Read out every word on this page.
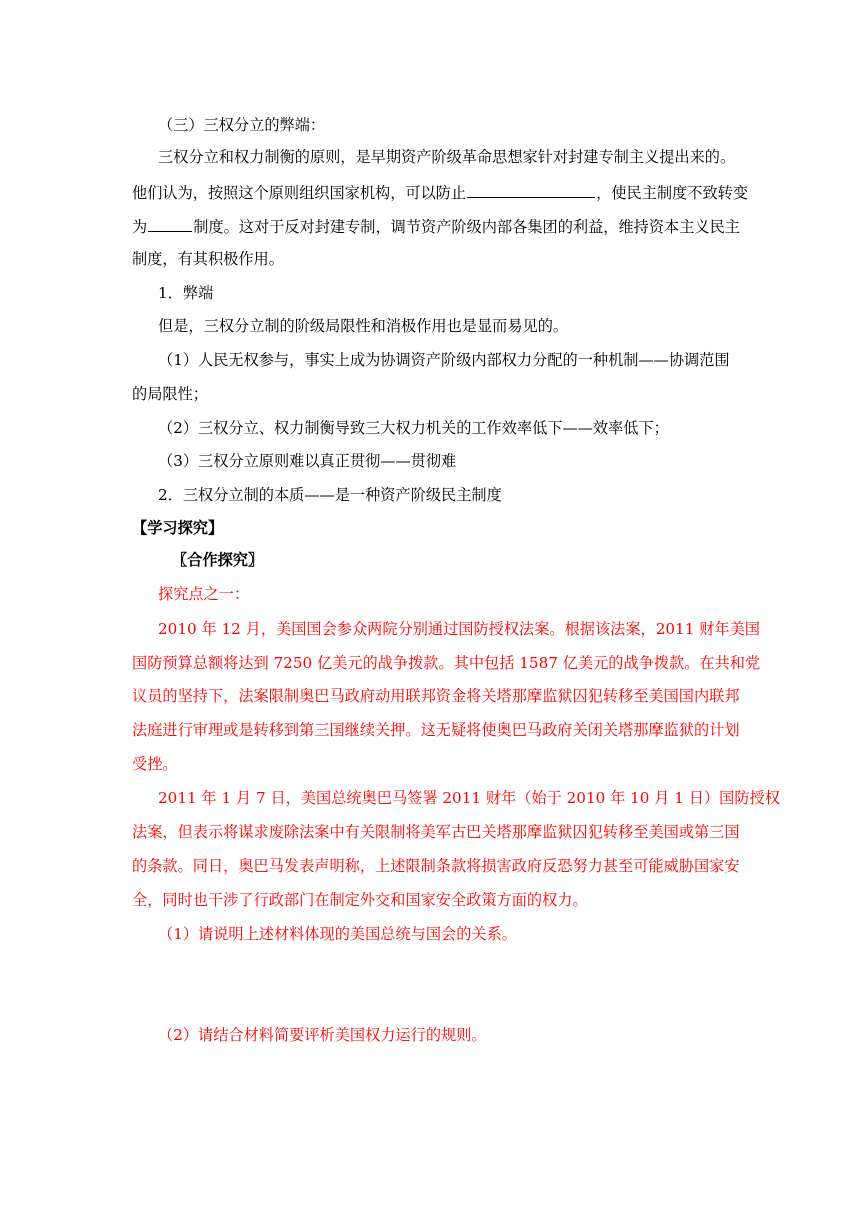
（三）三权分立的弊端：
三权分立和权力制衡的原则，是早期资产阶级革命思想家针对封建专制主义提出来的。
他们认为，按照这个原则组织国家机构，可以防止	，使民主制度不致转变
为	制度。这对于反对封建专制，调节资产阶级内部各集团的利益，维持资本主义民主
制度，有其积极作用。
1．弊端
但是，三权分立制的阶级局限性和消极作用也是显而易见的。
（1）人民无权参与，事实上成为协调资产阶级内部权力分配的一种机制——协调范围
的局限性；
（2）三权分立、权力制衡导致三大权力机关的工作效率低下——效率低下；
（3）三权分立原则难以真正贯彻——贯彻难
2．三权分立制的本质——是一种资产阶级民主制度
【学习探究】
〖合作探究〗
探究点之一：
2010 年 12 月，美国国会参众两院分别通过国防授权法案。根据该法案，2011 财年美国
国防预算总额将达到 7250 亿美元的战争拨款。其中包括 1587 亿美元的战争拨款。在共和党
议员的坚持下，法案限制奥巴马政府动用联邦资金将关塔那摩监狱囚犯转移至美国国内联邦
法庭进行审理或是转移到第三国继续关押。这无疑将使奥巴马政府关闭关塔那摩监狱的计划
受挫。
2011 年 1 月 7 日，美国总统奥巴马签署 2011 财年（始于 2010 年 10 月 1 日）国防授权
法案，但表示将谋求废除法案中有关限制将美军古巴关塔那摩监狱囚犯转移至美国或第三国
的条款。同日，奥巴马发表声明称，上述限制条款将损害政府反恐努力甚至可能威胁国家安
全，同时也干涉了行政部门在制定外交和国家安全政策方面的权力。
（1）请说明上述材料体现的美国总统与国会的关系。
（2）请结合材料简要评析美国权力运行的规则。
